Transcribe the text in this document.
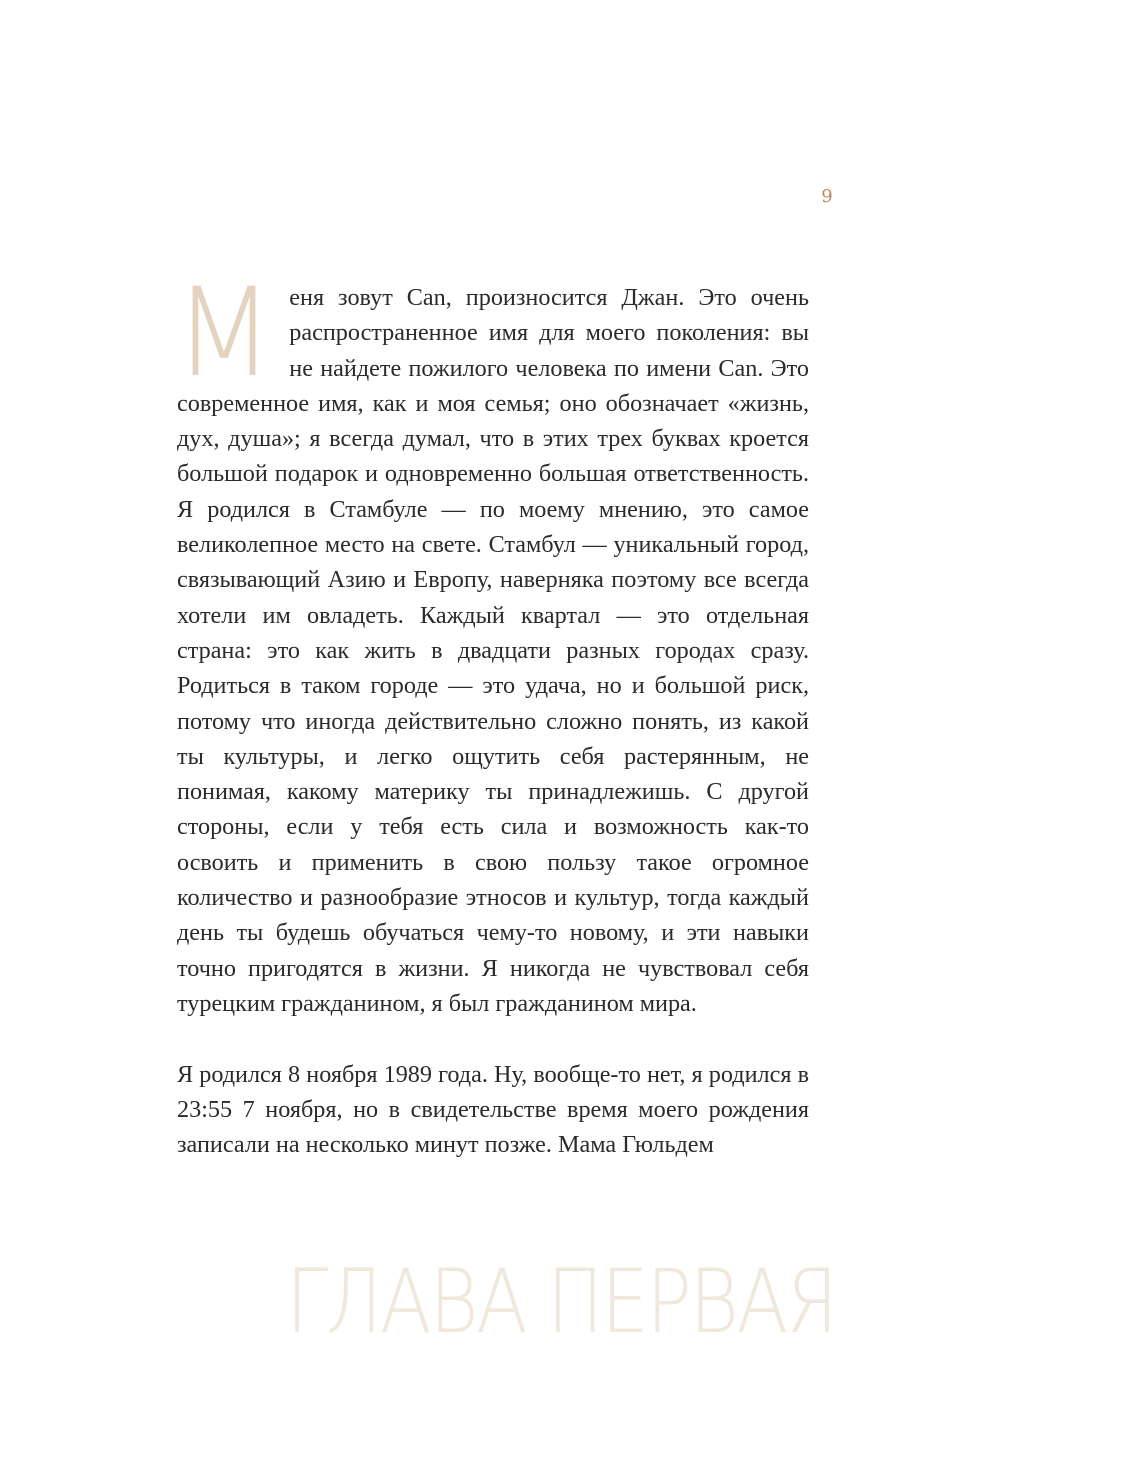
9

М еня зовут Can, произносится Джан. Это очень распространенное имя для моего поколения: вы не найдете пожилого человека по имени Can. Это современное имя, как и моя семья; оно обозначает «жизнь, дух, душа»; я всегда думал, что в этих трех буквах кроется большой подарок и одновременно большая ответственность. Я родился в Стамбуле — по моему мнению, это самое великолепное место на свете. Стамбул — уникальный город, связывающий Азию и Европу, наверняка поэтому все всегда хотели им овладеть. Каждый квартал — это отдельная страна: это как жить в двадцати разных городах сразу. Родиться в таком городе — это удача, но и большой риск, потому что иногда действительно сложно понять, из какой ты культуры, и легко ощутить себя растерянным, не понимая, какому материку ты принадлежишь. С другой стороны, если у тебя есть сила и возможность как-то освоить и применить в свою пользу такое огромное количество и разнообразие этносов и культур, тогда каждый день ты будешь обучаться чему-то новому, и эти навыки точно пригодятся в жизни. Я никогда не чувствовал себя турецким гражданином, я был гражданином мира.

Я родился 8 ноября 1989 года. Ну, вообще-то нет, я родился в 23:55 7 ноября, но в свидетельстве время моего рождения записали на несколько минут позже. Мама Гюльдем

ГЛАВА ПЕРВАЯ
